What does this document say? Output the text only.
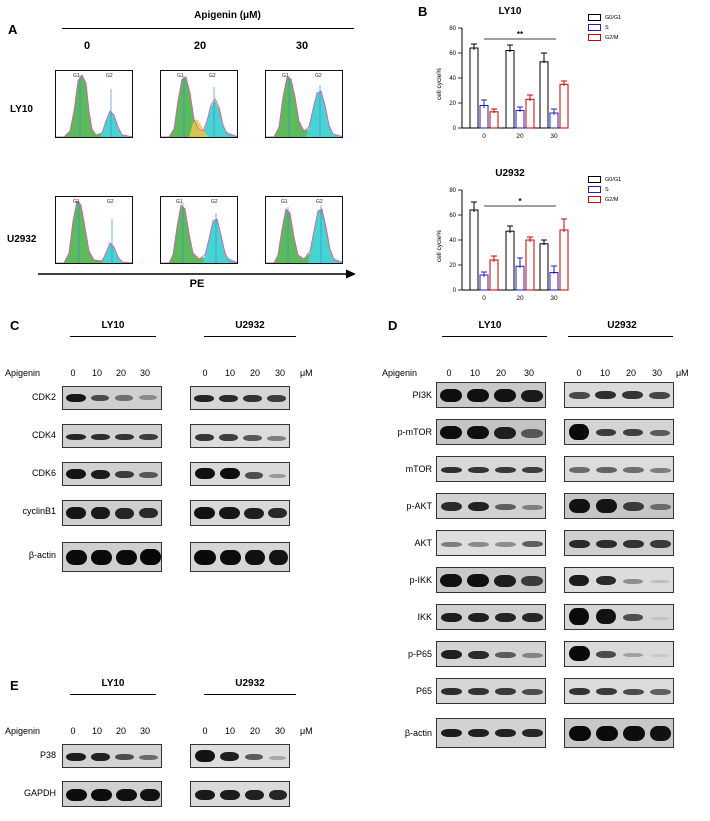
A
Apigenin (μM)
0	20	30
LY10
U2932
G1	G2	G1	G2	G1	G2
G1	G2	G1	G2	G1	G2
PE
B	LY10
cell cycle%
0
20
40
60
80
**
0	20	30
G0/G1
S
G2/M
U2932
cell cycle%
0
20
40
60
80
*
0	20	30
G0/G1
S
G2/M
C	LY10	U2932
Apigenin	0	10	20	30	0	10	20	30	μM
CDK2
CDK4
CDK6
cyclinB1
β-actin
E	LY10	U2932
Apigenin	0	10	20	30	0	10	20	30	μM
P38
GAPDH
D	LY10	U2932
Apigenin	0	10	20	30	0	10	20	30	μM
PI3K
p-mTOR
mTOR
p-AKT
AKT
p-IKK
IKK
p-P65
P65
β-actin
